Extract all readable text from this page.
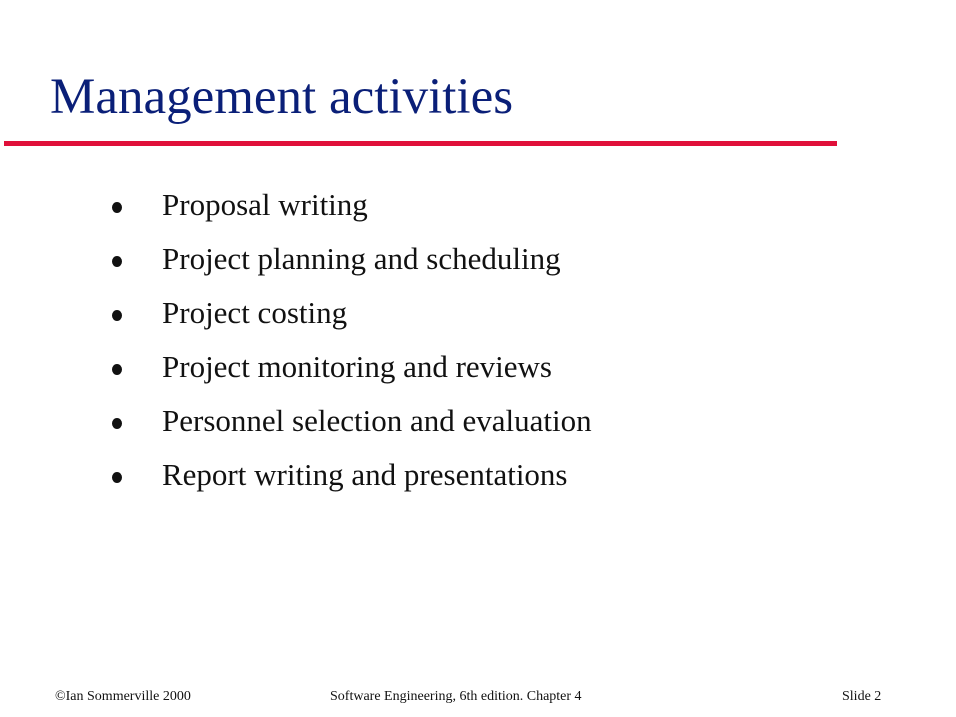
Management activities
Proposal writing
Project planning and scheduling
Project costing
Project monitoring and reviews
Personnel selection and evaluation
Report writing and presentations
©Ian Sommerville 2000	Software Engineering, 6th edition. Chapter 4	Slide 2
